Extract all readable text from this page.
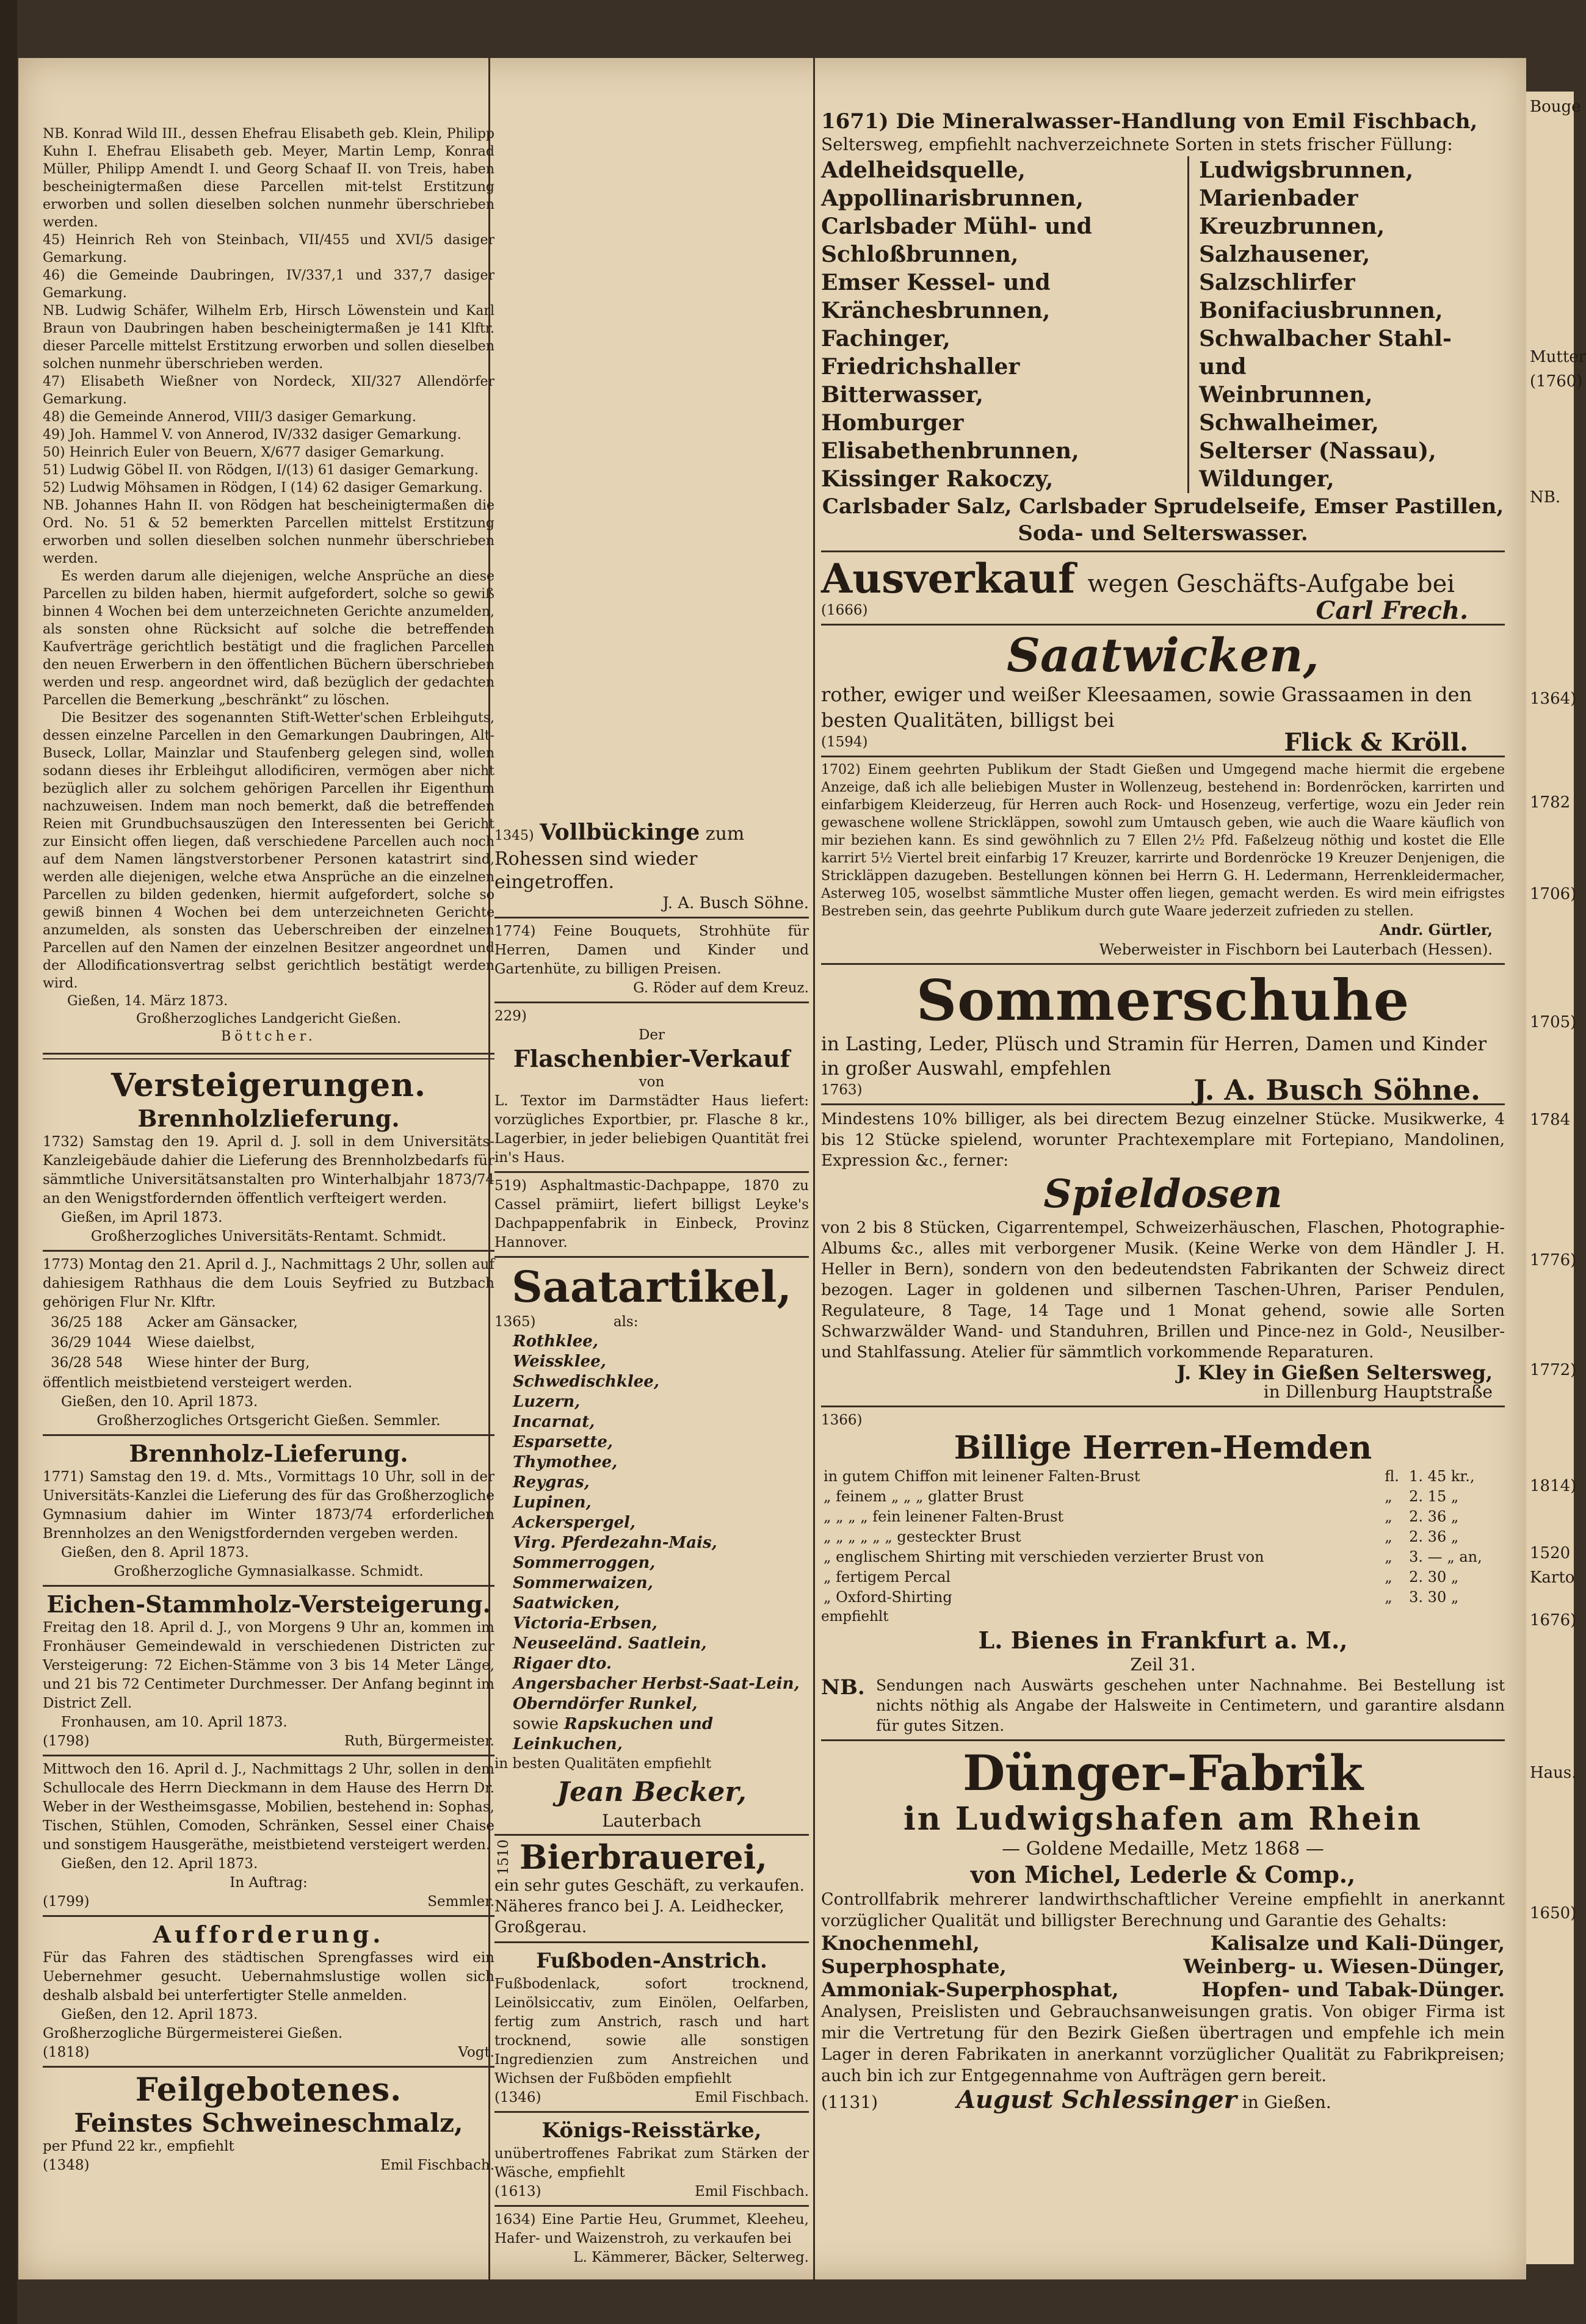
NB. Konrad Wild III., dessen Ehefrau Elisabeth geb. Klein, Philipp Kuhn I. Ehefrau Elisabeth geb. Meyer, Martin Lemp, Konrad Müller, Philipp Amendt I. und Georg Schaaf II. von Treis, haben bescheinigtermaßen diese Parcellen mit-telst Erstitzung erworben und sollen dieselben solchen nunmehr überschrieben werden.

45) Heinrich Reh von Steinbach, VII/455 und XVI/5 dasiger Gemarkung.

46) die Gemeinde Daubringen, IV/337,1 und 337,7 dasiger Gemarkung.

NB. Ludwig Schäfer, Wilhelm Erb, Hirsch Löwenstein und Karl Braun von Daubringen haben bescheinigtermaßen je 141 Klftr. dieser Parcelle mittelst Erstitzung erworben und sollen dieselben solchen nunmehr überschrieben werden.

47) Elisabeth Wießner von Nordeck, XII/327 Allendörfer Gemarkung.

48) die Gemeinde Annerod, VIII/3 dasiger Gemarkung.

49) Joh. Hammel V. von Annerod, IV/332 dasiger Gemarkung.

50) Heinrich Euler von Beuern, X/677 dasiger Gemarkung.

51) Ludwig Göbel II. von Rödgen, I/(13) 61 dasiger Gemarkung.

52) Ludwig Möhsamen in Rödgen, I (14) 62 dasiger Gemarkung.

NB. Johannes Hahn II. von Rödgen hat bescheinigtermaßen die Ord. No. 51 & 52 bemerkten Parcellen mittelst Erstitzung erworben und sollen dieselben solchen nunmehr überschrieben werden.

Es werden darum alle diejenigen, welche Ansprüche an diese Parcellen zu bilden haben, hiermit aufgefordert, solche so gewiß binnen 4 Wochen bei dem unterzeichneten Gerichte anzumelden, als sonsten ohne Rücksicht auf solche die betreffenden Kaufverträge gerichtlich bestätigt und die fraglichen Parcellen den neuen Erwerbern in den öffentlichen Büchern überschrieben werden und resp. angeordnet wird, daß bezüglich der gedachten Parcellen die Bemerkung „beschränkt“ zu löschen.

Die Besitzer des sogenannten Stift-Wetter'schen Erbleihguts, dessen einzelne Parcellen in den Gemarkungen Daubringen, Alt-Buseck, Lollar, Mainzlar und Staufenberg gelegen sind, wollen sodann dieses ihr Erbleihgut allodificiren, vermögen aber nicht bezüglich aller zu solchem gehörigen Parcellen ihr Eigenthum nachzuweisen. Indem man noch bemerkt, daß die betreffenden Reien mit Grundbuchsauszügen den Interessenten bei Gericht zur Einsicht offen liegen, daß verschiedene Parcellen auch noch auf dem Namen längstverstorbener Personen katastrirt sind, werden alle diejenigen, welche etwa Ansprüche an die einzelnen Parcellen zu bilden gedenken, hiermit aufgefordert, solche so gewiß binnen 4 Wochen bei dem unterzeichneten Gerichte anzumelden, als sonsten das Ueberschreiben der einzelnen Parcellen auf den Namen der einzelnen Besitzer angeordnet und der Allodificationsvertrag selbst gerichtlich bestätigt werden wird.

Gießen, 14. März 1873.

Großherzogliches Landgericht Gießen.

Böttcher.

Versteigerungen.
Brennholzlieferung.

1732) Samstag den 19. April d. J. soll in dem Universitäts-Kanzleigebäude dahier die Lieferung des Brennholzbedarfs für sämmtliche Universitätsanstalten pro Winterhalbjahr 1873/74 an den Wenigstfordernden öffentlich verfteigert werden.

Gießen, im April 1873.

Großherzogliches Universitäts-Rentamt. Schmidt.

1773) Montag den 21. April d. J., Nachmittags 2 Uhr, sollen auf dahiesigem Rathhaus die dem Louis Seyfried zu Butzbach gehörigen Flur Nr. Klftr.

36/25	188	Acker am Gänsacker,
36/29	1044	Wiese daielbst,
36/28	548	Wiese hinter der Burg,

öffentlich meistbietend versteigert werden.

Gießen, den 10. April 1873.

Großherzogliches Ortsgericht Gießen. Semmler.

Brennholz-Lieferung.

1771) Samstag den 19. d. Mts., Vormittags 10 Uhr, soll in der Universitäts-Kanzlei die Lieferung des für das Großherzogliche Gymnasium dahier im Winter 1873/74 erforderlichen Brennholzes an den Wenigstfordernden vergeben werden.

Gießen, den 8. April 1873.

Großherzogliche Gymnasialkasse. Schmidt.

Eichen-Stammholz-Versteigerung.

Freitag den 18. April d. J., von Morgens 9 Uhr an, kommen im Fronhäuser Gemeindewald in verschiedenen Districten zur Versteigerung: 72 Eichen-Stämme von 3 bis 14 Meter Länge, und 21 bis 72 Centimeter Durchmesser. Der Anfang beginnt im District Zell.

Fronhausen, am 10. April 1873.

(1798)	Ruth, Bürgermeister.

Mittwoch den 16. April d. J., Nachmittags 2 Uhr, sollen in dem Schullocale des Herrn Dieckmann in dem Hause des Herrn Dr. Weber in der Westheimsgasse, Mobilien, bestehend in: Sophas, Tischen, Stühlen, Comoden, Schränken, Sessel einer Chaise und sonstigem Hausgeräthe, meistbietend versteigert werden.

Gießen, den 12. April 1873.

In Auftrag:

(1799)	Semmler.

Aufforderung.

Für das Fahren des städtischen Sprengfasses wird ein Uebernehmer gesucht. Uebernahmslustige wollen sich deshalb alsbald bei unterfertigter Stelle anmelden.

Gießen, den 12. April 1873.

Großherzogliche Bürgermeisterei Gießen.

(1818)	Vogt.

Feilgebotenes.
Feinstes Schweineschmalz,

per Pfund 22 kr., empfiehlt

(1348)	Emil Fischbach.

1345) Vollbückinge zum Rohessen sind wieder eingetroffen.

J. A. Busch Söhne.

1774) Feine Bouquets, Strohhüte für Herren, Damen und Kinder und Gartenhüte, zu billigen Preisen.

G. Röder auf dem Kreuz.

229)

Der

Flaschenbier-Verkauf

von

L. Textor im Darmstädter Haus liefert: vorzügliches Exportbier, pr. Flasche 8 kr., Lagerbier, in jeder beliebigen Quantität frei in's Haus.

519) Asphaltmastic-Dachpappe, 1870 zu Cassel prämiirt, liefert billigst Leyke's Dachpappenfabrik in Einbeck, Provinz Hannover.

Saatartikel,

1365)	als:

Rothklee,
Weissklee,
Schwedischklee,
Luzern,
Incarnat,
Esparsette,
Thymothee,
Reygras,
Lupinen,
Ackerspergel,
Virg. Pferdezahn-Mais,
Sommerroggen,
Sommerwaizen,
Saatwicken,
Victoria-Erbsen,
Neuseeländ. Saatlein,
Rigaer dto.
Angersbacher Herbst-Saat-Lein,
Oberndörfer Runkel,
sowie Rapskuchen und Leinkuchen,

in besten Qualitäten empfiehlt

Jean Becker,

Lauterbach

1510 Bierbrauerei,

ein sehr gutes Geschäft, zu verkaufen. Näheres franco bei J. A. Leidhecker, Großgerau.

Fußboden-Anstrich.

Fußbodenlack, sofort trocknend, Leinölsiccativ, zum Einölen, Oelfarben, fertig zum Anstrich, rasch und hart trocknend, sowie alle sonstigen Ingredienzien zum Anstreichen und Wichsen der Fußböden empfiehlt

(1346)	Emil Fischbach.

Königs-Reisstärke,

unübertroffenes Fabrikat zum Stärken der Wäsche, empfiehlt

(1613)	Emil Fischbach.

1634) Eine Partie Heu, Grummet, Kleeheu, Hafer- und Waizenstroh, zu verkaufen bei

L. Kämmerer, Bäcker, Selterweg.

1671) Die Mineralwasser-Handlung von Emil Fischbach,

Seltersweg, empfiehlt nachverzeichnete Sorten in stets frischer Füllung:

Adelheidsquelle,
Appollinarisbrunnen,
Carlsbader Mühl- und
Schloßbrunnen,
Emser Kessel- und Kränchesbrunnen,
Fachinger,
Friedrichshaller Bitterwasser,
Homburger Elisabethenbrunnen,
Kissinger Rakoczy,
Ludwigsbrunnen,
Marienbader Kreuzbrunnen,
Salzhausener,
Salzschlirfer Bonifaciusbrunnen,
Schwalbacher Stahl- und
Weinbrunnen,
Schwalheimer,
Selterser (Nassau),
Wildunger,

Carlsbader Salz, Carlsbader Sprudelseife, Emser Pastillen, Soda- und Selterswasser.

Ausverkauf wegen Geschäfts-Aufgabe bei

(1666)	Carl Frech.

Saatwicken,

rother, ewiger und weißer Kleesaamen, sowie Grassaamen in den besten Qualitäten, billigst bei

(1594)	Flick & Kröll.

1702) Einem geehrten Publikum der Stadt Gießen und Umgegend mache hiermit die ergebene Anzeige, daß ich alle beliebigen Muster in Wollenzeug, bestehend in: Bordenröcken, karrirten und einfarbigem Kleiderzeug, für Herren auch Rock- und Hosenzeug, verfertige, wozu ein Jeder rein gewaschene wollene Strickläppen, sowohl zum Umtausch geben, wie auch die Waare käuflich von mir beziehen kann. Es sind gewöhnlich zu 7 Ellen 2½ Pfd. Faßelzeug nöthig und kostet die Elle karrirt 5½ Viertel breit einfarbig 17 Kreuzer, karrirte und Bordenröcke 19 Kreuzer Denjenigen, die Strickläppen dazugeben. Bestellungen können bei Herrn G. H. Ledermann, Herrenkleidermacher, Asterweg 105, woselbst sämmtliche Muster offen liegen, gemacht werden. Es wird mein eifrigstes Bestreben sein, das geehrte Publikum durch gute Waare jederzeit zufrieden zu stellen.

Andr. Gürtler,

Weberweister in Fischborn bei Lauterbach (Hessen).

Sommerschuhe

in Lasting, Leder, Plüsch und Stramin für Herren, Damen und Kinder in großer Auswahl, empfehlen

1763)	J. A. Busch Söhne.

Mindestens 10% billiger, als bei directem Bezug einzelner Stücke. Musikwerke, 4 bis 12 Stücke spielend, worunter Prachtexemplare mit Fortepiano, Mandolinen, Expression &c., ferner:

Spieldosen

von 2 bis 8 Stücken, Cigarrentempel, Schweizerhäuschen, Flaschen, Photographie-Albums &c., alles mit verborgener Musik. (Keine Werke von dem Händler J. H. Heller in Bern), sondern von den bedeutendsten Fabrikanten der Schweiz direct bezogen. Lager in goldenen und silbernen Taschen-Uhren, Pariser Pendulen, Regulateure, 8 Tage, 14 Tage und 1 Monat gehend, sowie alle Sorten Schwarzwälder Wand- und Standuhren, Brillen und Pince-nez in Gold-, Neusilber- und Stahlfassung. Atelier für sämmtlich vorkommende Reparaturen.

J. Kley in Gießen Seltersweg,

in Dillenburg Hauptstraße

1366)

Billige Herren-Hemden
in gutem Chiffon mit leinener Falten-Brust	fl.	1. 45 kr.,
„ feinem „ „ „ glatter Brust	„	2. 15 „
„ „ „ „ fein leinener Falten-Brust	„	2. 36 „
„ „ „ „ „ „ gesteckter Brust	„	2. 36 „
„ englischem Shirting mit verschieden verzierter Brust von	„	3. — „ an,
„ fertigem Percal	„	2. 30 „
„ Oxford-Shirting	„	3. 30 „

empfiehlt

L. Bienes in Frankfurt a. M.,

Zeil 31.

NB. Sendungen nach Auswärts geschehen unter Nachnahme. Bei Bestellung ist nichts nöthig als Angabe der Halsweite in Centimetern, und garantire alsdann für gutes Sitzen.

Dünger-Fabrik
in Ludwigshafen am Rhein

— Goldene Medaille, Metz 1868 —

von Michel, Lederle & Comp.,

Controllfabrik mehrerer landwirthschaftlicher Vereine empfiehlt in anerkannt vorzüglicher Qualität und billigster Berechnung und Garantie des Gehalts:

Knochenmehl,
Superphosphate,
Ammoniak-Superphosphat,
Kalisalze und Kali-Dünger,
Weinberg- u. Wiesen-Dünger,
Hopfen- und Tabak-Dünger.

Analysen, Preislisten und Gebrauchsanweisungen gratis. Von obiger Firma ist mir die Vertretung für den Bezirk Gießen übertragen und empfehle ich mein Lager in deren Fabrikaten in anerkannt vorzüglicher Qualität zu Fabrikpreisen; auch bin ich zur Entgegennahme von Aufträgen gern bereit.

(1131)	August Schlessinger in Gießen.

Bouge
Mutter
(1760)
NB.
1364)
1782
1706)
1705)
1784
1776)
1772)
1814)
1520
Karto
1676)
Haus.
1650)
